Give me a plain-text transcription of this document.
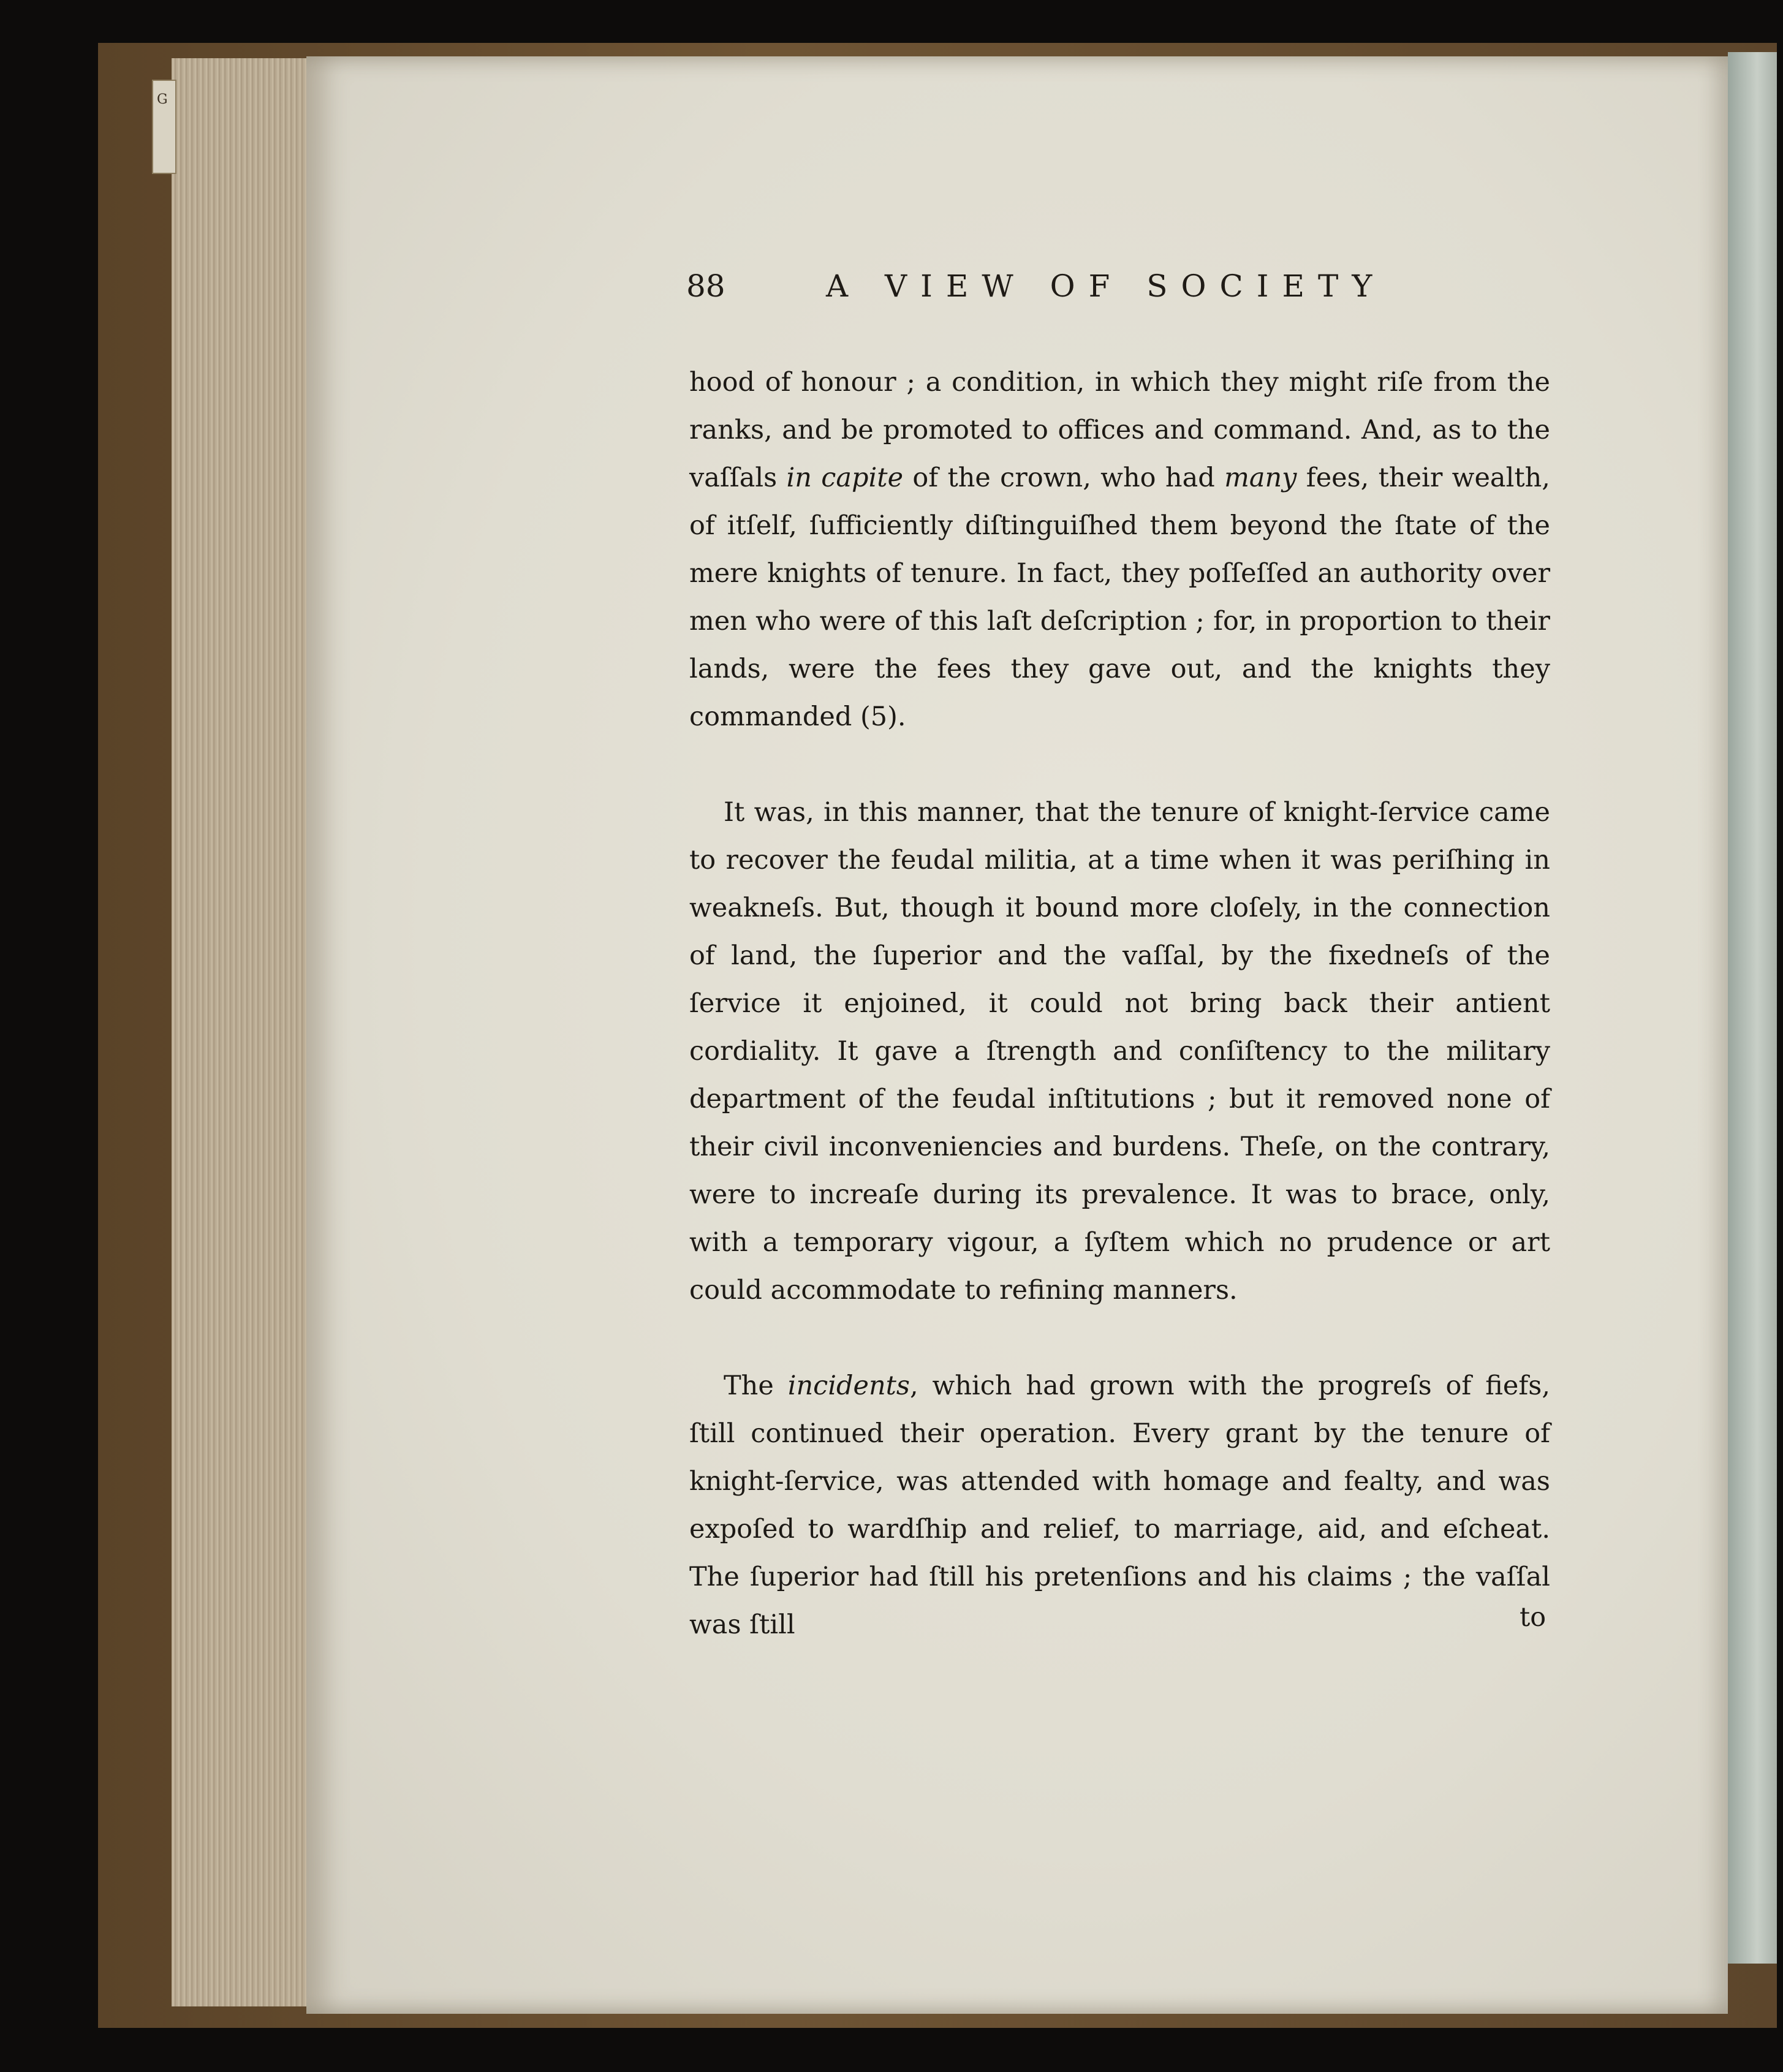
G
88	A VIEW OF SOCIETY

hood of honour ; a condition, in which they might riſe from the ranks, and be promoted to offices and command. And, as to the vaſſals in capite of the crown, who had many fees, their wealth, of itſelf, ſufficiently diſtinguiſhed them beyond the ſtate of the mere knights of tenure. In fact, they poſſeſſed an authority over men who were of this laſt deſcription ; for, in proportion to their lands, were the fees they gave out, and the knights they commanded (5).

It was, in this manner, that the tenure of knight-ſervice came to recover the feudal militia, at a time when it was periſhing in weakneſs. But, though it bound more cloſely, in the connection of land, the ſuperior and the vaſſal, by the fixedneſs of the ſervice it enjoined, it could not bring back their antient cordiality. It gave a ſtrength and conſiſtency to the military department of the feudal inſtitutions ; but it removed none of their civil inconveniencies and burdens. Theſe, on the contrary, were to increaſe during its prevalence. It was to brace, only, with a temporary vigour, a ſyſtem which no prudence or art could accommodate to refining manners.

The incidents, which had grown with the progreſs of fiefs, ſtill continued their operation. Every grant by the tenure of knight-ſervice, was attended with homage and fealty, and was expoſed to wardſhip and relief, to marriage, aid, and eſcheat. The ſuperior had ſtill his pretenſions and his claims ; the vaſſal was ſtill	to
